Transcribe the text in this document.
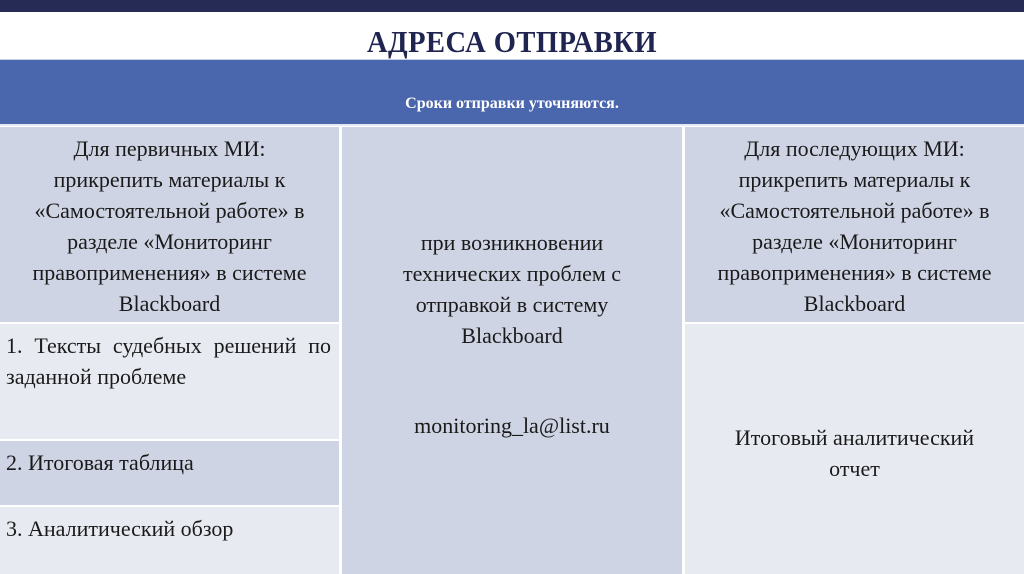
АДРЕСА ОТПРАВКИ
Сроки отправки уточняются.
Для первичных МИ:
прикрепить материалы к
«Самостоятельной работе» в
разделе «Мониторинг
правоприменения» в системе
Blackboard
1. Тексты судебных решений по заданной проблеме
2. Итоговая таблица
3. Аналитический обзор
при возникновении
технических проблем с
отправкой в систему
Blackboard
monitoring_la@list.ru
Для последующих МИ:
прикрепить материалы к
«Самостоятельной работе» в
разделе «Мониторинг
правоприменения» в системе
Blackboard
Итоговый аналитический
отчет
